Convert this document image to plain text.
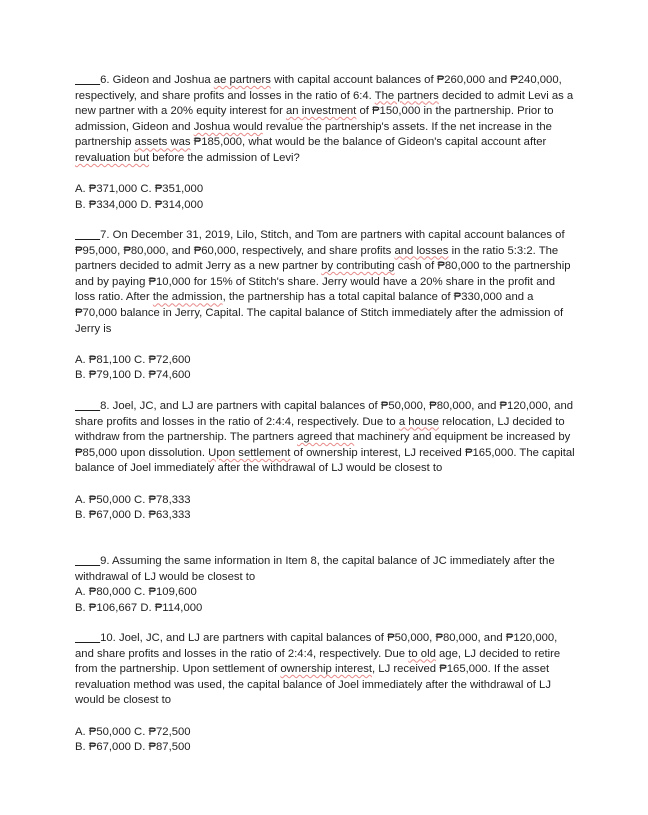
6. Gideon and Joshua ae partners with capital account balances of ₱260,000 and ₱240,000, respectively, and share profits and losses in the ratio of 6:4. The partners decided to admit Levi as a new partner with a 20% equity interest for an investment of ₱150,000 in the partnership. Prior to admission, Gideon and Joshua would revalue the partnership's assets. If the net increase in the partnership assets was ₱185,000, what would be the balance of Gideon's capital account after revaluation but before the admission of Levi?

A. ₱371,000 C. ₱351,000
B. ₱334,000 D. ₱314,000

7. On December 31, 2019, Lilo, Stitch, and Tom are partners with capital account balances of ₱95,000, ₱80,000, and ₱60,000, respectively, and share profits and losses in the ratio 5:3:2. The partners decided to admit Jerry as a new partner by contributing cash of ₱80,000 to the partnership and by paying ₱10,000 for 15% of Stitch's share. Jerry would have a 20% share in the profit and loss ratio. After the admission, the partnership has a total capital balance of ₱330,000 and a ₱70,000 balance in Jerry, Capital. The capital balance of Stitch immediately after the admission of Jerry is

A. ₱81,100 C. ₱72,600
B. ₱79,100 D. ₱74,600

8. Joel, JC, and LJ are partners with capital balances of ₱50,000, ₱80,000, and ₱120,000, and share profits and losses in the ratio of 2:4:4, respectively. Due to a house relocation, LJ decided to withdraw from the partnership. The partners agreed that machinery and equipment be increased by ₱85,000 upon dissolution. Upon settlement of ownership interest, LJ received ₱165,000. The capital balance of Joel immediately after the withdrawal of LJ would be closest to

A. ₱50,000 C. ₱78,333
B. ₱67,000 D. ₱63,333

9. Assuming the same information in Item 8, the capital balance of JC immediately after the withdrawal of LJ would be closest to

A. ₱80,000 C. ₱109,600
B. ₱106,667 D. ₱114,000

10. Joel, JC, and LJ are partners with capital balances of ₱50,000, ₱80,000, and ₱120,000, and share profits and losses in the ratio of 2:4:4, respectively. Due to old age, LJ decided to retire from the partnership. Upon settlement of ownership interest, LJ received ₱165,000. If the asset revaluation method was used, the capital balance of Joel immediately after the withdrawal of LJ would be closest to

A. ₱50,000 C. ₱72,500
B. ₱67,000 D. ₱87,500
